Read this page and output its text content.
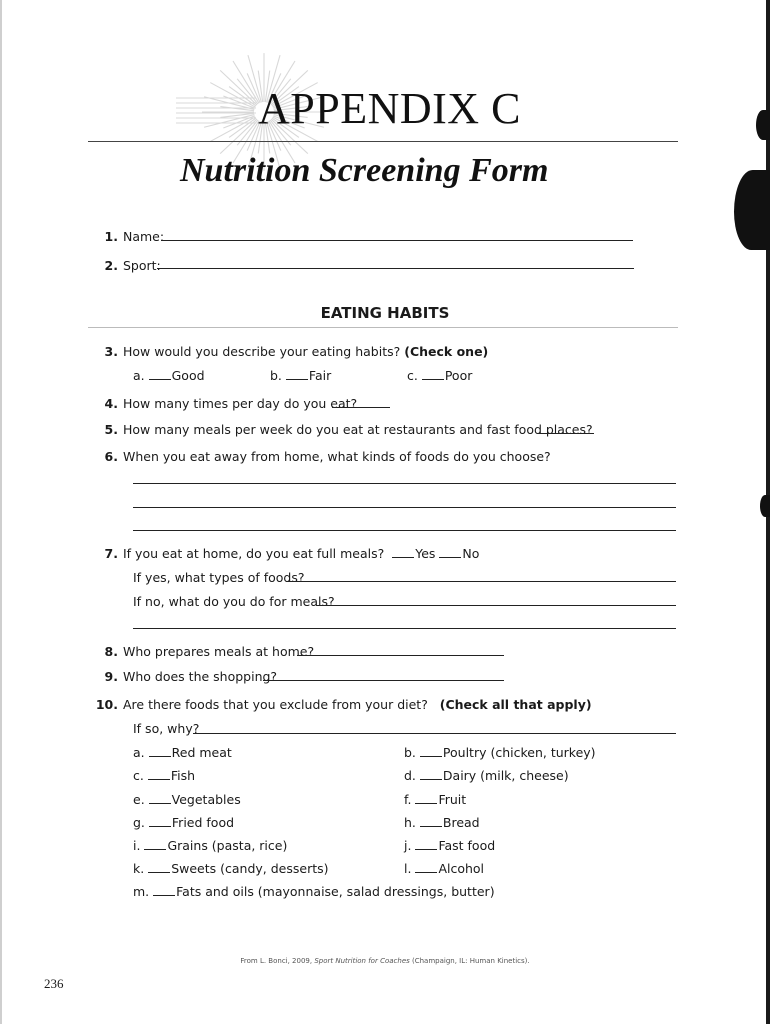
APPENDIX C
Nutrition Screening Form
1. Name:
2. Sport:
EATING HABITS
3. How would you describe your eating habits? (Check one)
a. Good	b. Fair	c. Poor
4. How many times per day do you eat?
5. How many meals per week do you eat at restaurants and fast food places?
6. When you eat away from home, what kinds of foods do you choose?
7. If you eat at home, do you eat full meals? Yes No
If yes, what types of foods?
If no, what do you do for meals?
8. Who prepares meals at home?
9. Who does the shopping?
10. Are there foods that you exclude from your diet? (Check all that apply)
If so, why?
a. Red meat	b. Poultry (chicken, turkey)
c. Fish	d. Dairy (milk, cheese)
e. Vegetables	f. Fruit
g. Fried food	h. Bread
i. Grains (pasta, rice)	j. Fast food
k. Sweets (candy, desserts)	l. Alcohol
m. Fats and oils (mayonnaise, salad dressings, butter)
From L. Bonci, 2009, Sport Nutrition for Coaches (Champaign, IL: Human Kinetics).
236
